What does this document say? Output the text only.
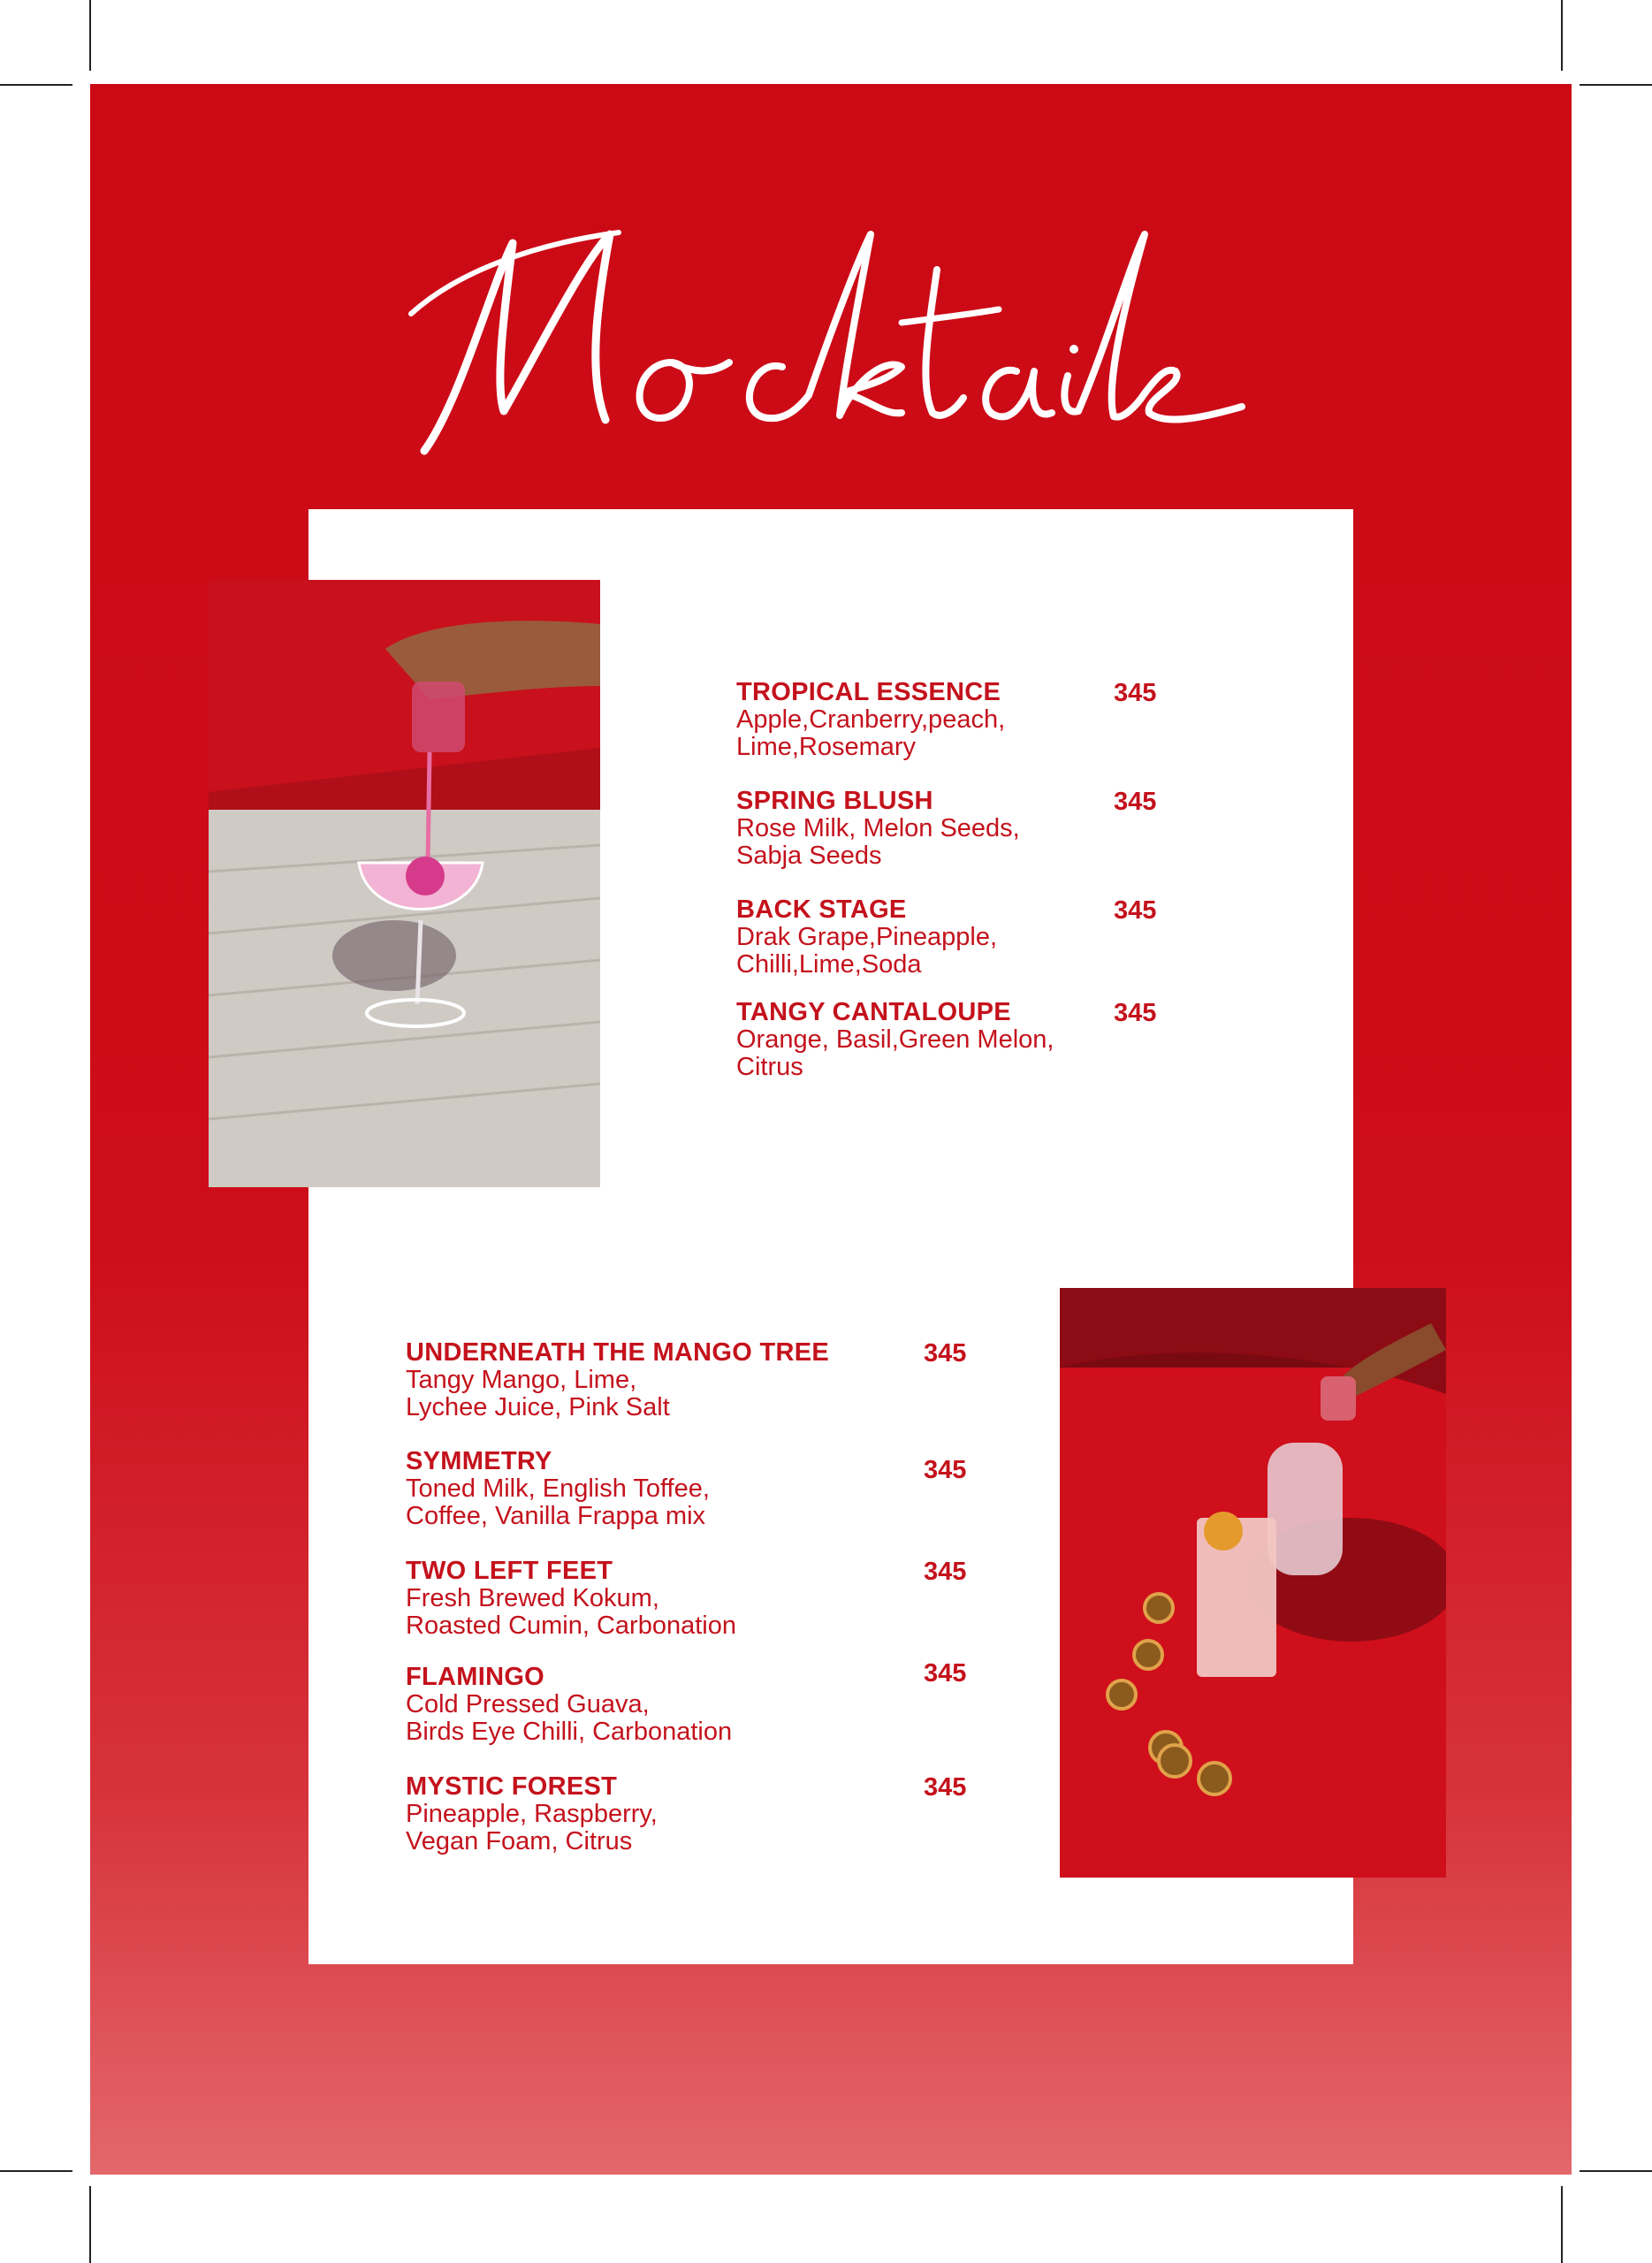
TROPICAL ESSENCE
Apple,Cranberry,peach,
Lime,Rosemary
345
SPRING BLUSH
Rose Milk, Melon Seeds,
Sabja Seeds
345
BACK STAGE
Drak Grape,Pineapple,
Chilli,Lime,Soda
345
TANGY CANTALOUPE
Orange, Basil,Green Melon,
Citrus
345
UNDERNEATH THE MANGO TREE
Tangy Mango, Lime,
Lychee Juice, Pink Salt
345
SYMMETRY
Toned Milk, English Toffee,
Coffee, Vanilla Frappa mix
345
TWO LEFT FEET
Fresh Brewed Kokum,
Roasted Cumin, Carbonation
345
FLAMINGO
Cold Pressed Guava,
Birds Eye Chilli, Carbonation
345
MYSTIC FOREST
Pineapple, Raspberry,
Vegan Foam, Citrus
345
